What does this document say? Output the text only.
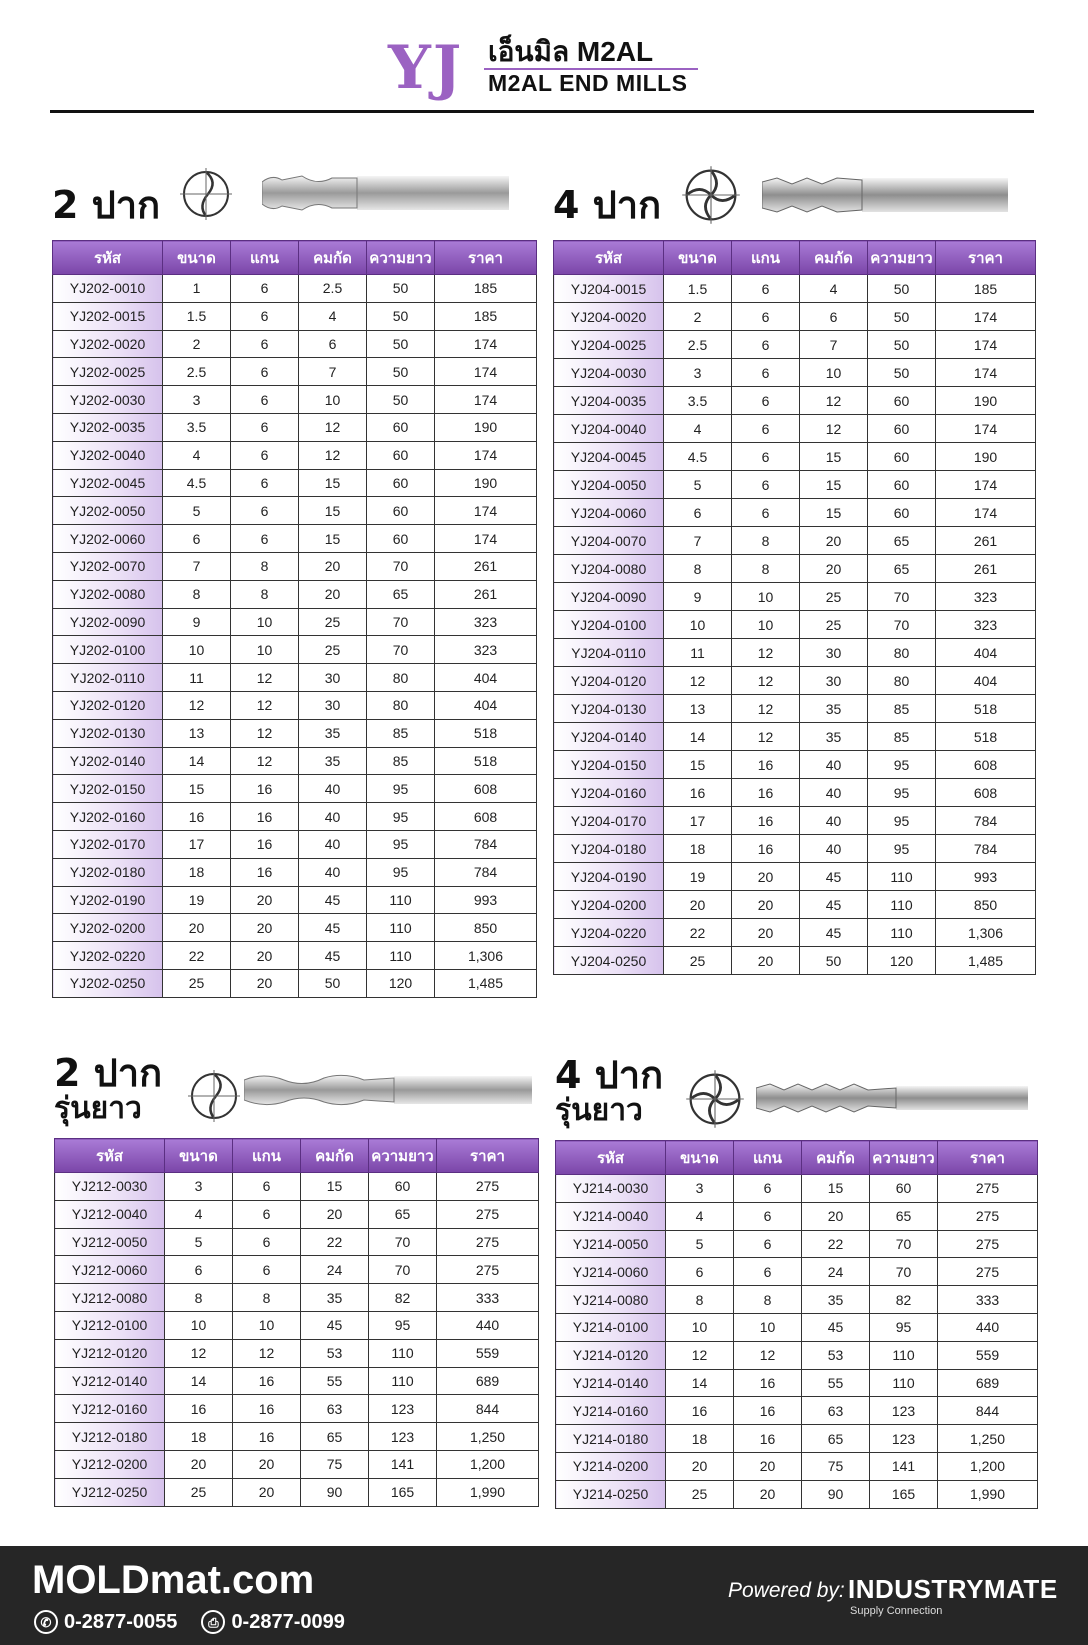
YJ เอ็นมิล M2AL
M2AL END MILLS
2 ปาก
รหัส	ขนาด	แกน	คมกัด	ความยาว	ราคา
YJ202-0010	1	6	2.5	50	185
YJ202-0015	1.5	6	4	50	185
YJ202-0020	2	6	6	50	174
YJ202-0025	2.5	6	7	50	174
YJ202-0030	3	6	10	50	174
YJ202-0035	3.5	6	12	60	190
YJ202-0040	4	6	12	60	174
YJ202-0045	4.5	6	15	60	190
YJ202-0050	5	6	15	60	174
YJ202-0060	6	6	15	60	174
YJ202-0070	7	8	20	70	261
YJ202-0080	8	8	20	65	261
YJ202-0090	9	10	25	70	323
YJ202-0100	10	10	25	70	323
YJ202-0110	11	12	30	80	404
YJ202-0120	12	12	30	80	404
YJ202-0130	13	12	35	85	518
YJ202-0140	14	12	35	85	518
YJ202-0150	15	16	40	95	608
YJ202-0160	16	16	40	95	608
YJ202-0170	17	16	40	95	784
YJ202-0180	18	16	40	95	784
YJ202-0190	19	20	45	110	993
YJ202-0200	20	20	45	110	850
YJ202-0220	22	20	45	110	1,306
YJ202-0250	25	20	50	120	1,485
4 ปาก
รหัส	ขนาด	แกน	คมกัด	ความยาว	ราคา
YJ204-0015	1.5	6	4	50	185
YJ204-0020	2	6	6	50	174
YJ204-0025	2.5	6	7	50	174
YJ204-0030	3	6	10	50	174
YJ204-0035	3.5	6	12	60	190
YJ204-0040	4	6	12	60	174
YJ204-0045	4.5	6	15	60	190
YJ204-0050	5	6	15	60	174
YJ204-0060	6	6	15	60	174
YJ204-0070	7	8	20	65	261
YJ204-0080	8	8	20	65	261
YJ204-0090	9	10	25	70	323
YJ204-0100	10	10	25	70	323
YJ204-0110	11	12	30	80	404
YJ204-0120	12	12	30	80	404
YJ204-0130	13	12	35	85	518
YJ204-0140	14	12	35	85	518
YJ204-0150	15	16	40	95	608
YJ204-0160	16	16	40	95	608
YJ204-0170	17	16	40	95	784
YJ204-0180	18	16	40	95	784
YJ204-0190	19	20	45	110	993
YJ204-0200	20	20	45	110	850
YJ204-0220	22	20	45	110	1,306
YJ204-0250	25	20	50	120	1,485
2 ปาก
รุ่นยาว
รหัส	ขนาด	แกน	คมกัด	ความยาว	ราคา
YJ212-0030	3	6	15	60	275
YJ212-0040	4	6	20	65	275
YJ212-0050	5	6	22	70	275
YJ212-0060	6	6	24	70	275
YJ212-0080	8	8	35	82	333
YJ212-0100	10	10	45	95	440
YJ212-0120	12	12	53	110	559
YJ212-0140	14	16	55	110	689
YJ212-0160	16	16	63	123	844
YJ212-0180	18	16	65	123	1,250
YJ212-0200	20	20	75	141	1,200
YJ212-0250	25	20	90	165	1,990
4 ปาก
รุ่นยาว
รหัส	ขนาด	แกน	คมกัด	ความยาว	ราคา
YJ214-0030	3	6	15	60	275
YJ214-0040	4	6	20	65	275
YJ214-0050	5	6	22	70	275
YJ214-0060	6	6	24	70	275
YJ214-0080	8	8	35	82	333
YJ214-0100	10	10	45	95	440
YJ214-0120	12	12	53	110	559
YJ214-0140	14	16	55	110	689
YJ214-0160	16	16	63	123	844
YJ214-0180	18	16	65	123	1,250
YJ214-0200	20	20	75	141	1,200
YJ214-0250	25	20	90	165	1,990
MOLDmat.com
✆ 0-2877-0055	⎙ 0-2877-0099
Powered by: INDUSTRYMATE
Supply Connection
